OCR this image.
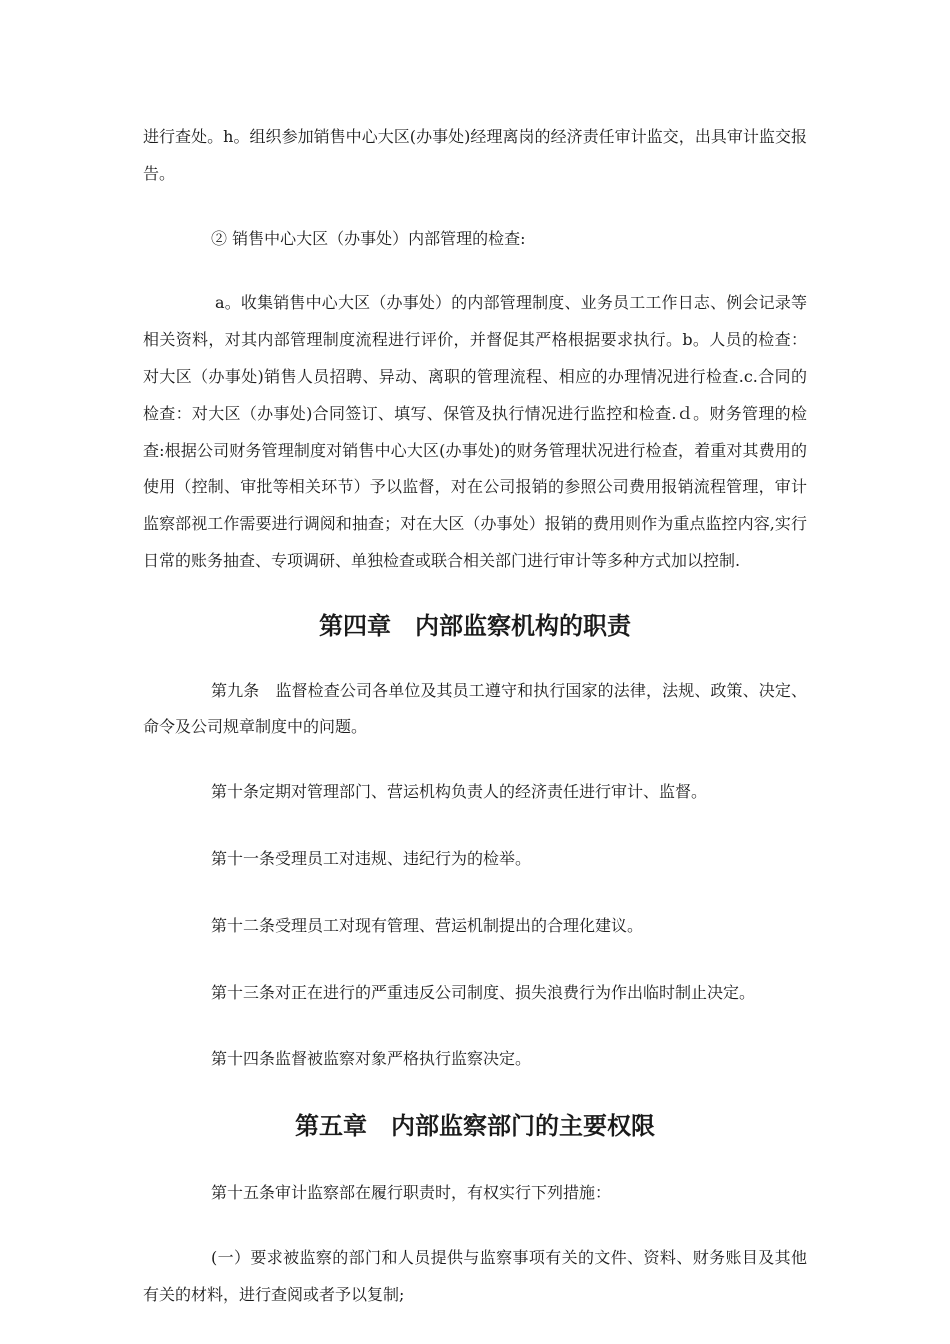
进行查处。h。组织参加销售中心大区(办事处)经理离岗的经济责任审计监交，出具审计监交报告。

② 销售中心大区（办事处）内部管理的检查:

a。收集销售中心大区（办事处）的内部管理制度、业务员工工作日志、例会记录等相关资料，对其内部管理制度流程进行评价，并督促其严格根据要求执行。b。人员的检查：对大区（办事处)销售人员招聘、异动、离职的管理流程、相应的办理情况进行检查.c.合同的检查：对大区（办事处)合同签订、填写、保管及执行情况进行监控和检查.ｄ。财务管理的检查:根据公司财务管理制度对销售中心大区(办事处)的财务管理状况进行检查，着重对其费用的使用（控制、审批等相关环节）予以监督，对在公司报销的参照公司费用报销流程管理，审计监察部视工作需要进行调阅和抽查；对在大区（办事处）报销的费用则作为重点监控内容,实行日常的账务抽查、专项调研、单独检查或联合相关部门进行审计等多种方式加以控制.

第四章　内部监察机构的职责

第九条　监督检查公司各单位及其员工遵守和执行国家的法律，法规、政策、决定、命令及公司规章制度中的问题。

第十条定期对管理部门、营运机构负责人的经济责任进行审计、监督。

第十一条受理员工对违规、违纪行为的检举。

第十二条受理员工对现有管理、营运机制提出的合理化建议。

第十三条对正在进行的严重违反公司制度、损失浪费行为作出临时制止决定。

第十四条监督被监察对象严格执行监察决定。

第五章　内部监察部门的主要权限

第十五条审计监察部在履行职责时，有权实行下列措施：

(一）要求被监察的部门和人员提供与监察事项有关的文件、资料、财务账目及其他有关的材料，进行查阅或者予以复制;
